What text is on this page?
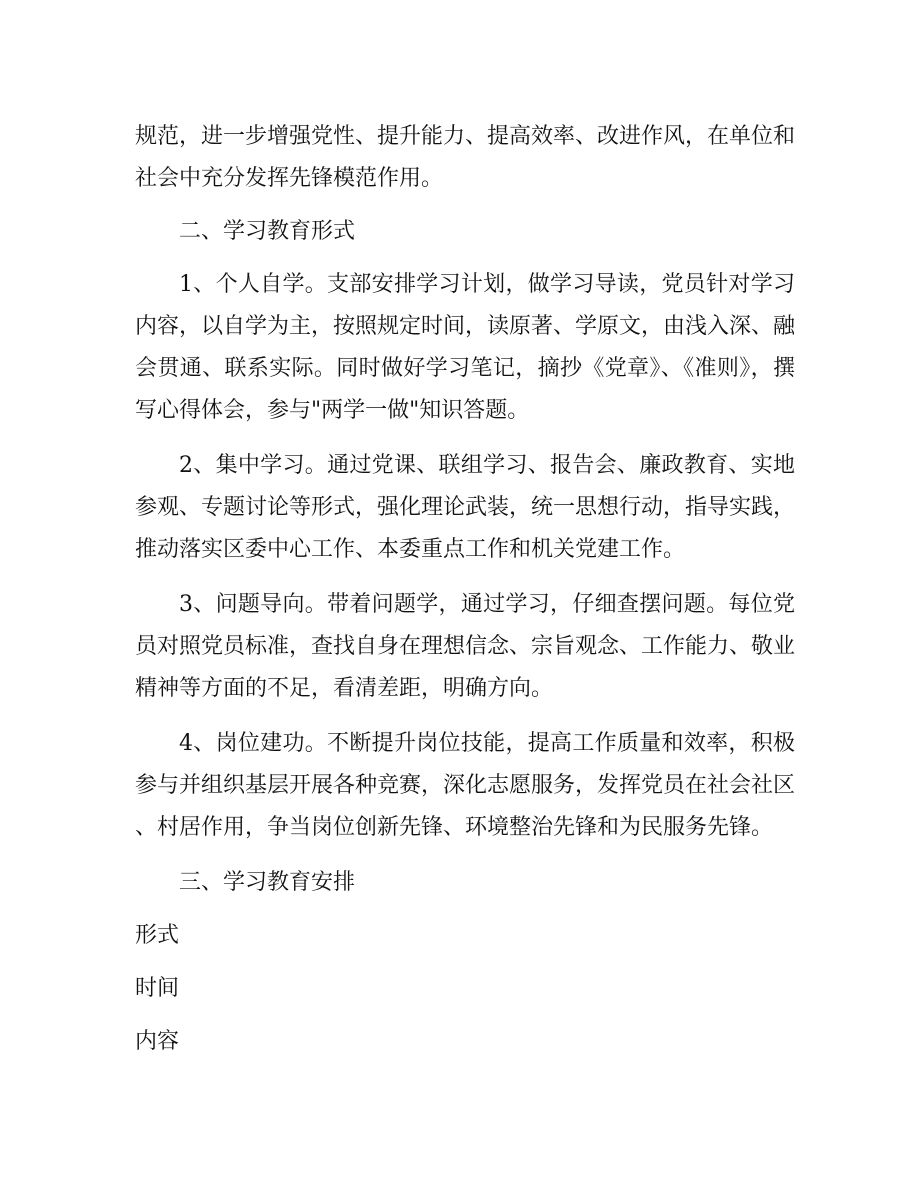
规范，进一步增强党性、提升能力、提高效率、改进作风，在单位和社会中充分发挥先锋模范作用。

二、学习教育形式

1、个人自学。支部安排学习计划，做学习导读，党员针对学习内容，以自学为主，按照规定时间，读原著、学原文，由浅入深、融会贯通、联系实际。同时做好学习笔记，摘抄《党章》、《准则》，撰写心得体会，参与"两学一做"知识答题。

2、集中学习。通过党课、联组学习、报告会、廉政教育、实地参观、专题讨论等形式，强化理论武装，统一思想行动，指导实践，推动落实区委中心工作、本委重点工作和机关党建工作。

3、问题导向。带着问题学，通过学习，仔细查摆问题。每位党员对照党员标准，查找自身在理想信念、宗旨观念、工作能力、敬业精神等方面的不足，看清差距，明确方向。

4、岗位建功。不断提升岗位技能，提高工作质量和效率，积极参与并组织基层开展各种竞赛，深化志愿服务，发挥党员在社会社区、村居作用，争当岗位创新先锋、环境整治先锋和为民服务先锋。

三、学习教育安排

形式

时间

内容
